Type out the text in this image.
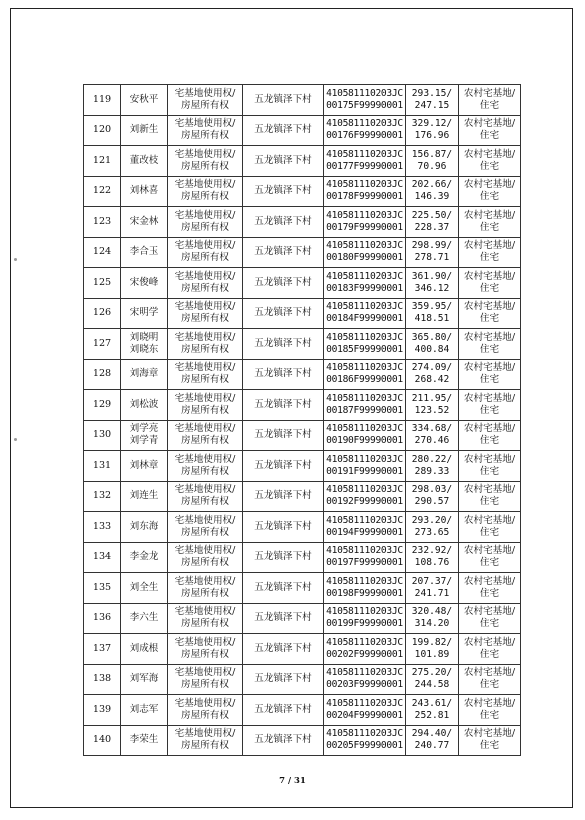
119	安秋平	宅基地使用权/
房屋所有权	五龙镇泽下村	410581110203JC
00175F99990001	293.15/
247.15	农村宅基地/
住宅

120	刘新生	宅基地使用权/
房屋所有权	五龙镇泽下村	410581110203JC
00176F99990001	329.12/
176.96	农村宅基地/
住宅

121	董改枝	宅基地使用权/
房屋所有权	五龙镇泽下村	410581110203JC
00177F99990001	156.87/
70.96	农村宅基地/
住宅

122	刘林喜	宅基地使用权/
房屋所有权	五龙镇泽下村	410581110203JC
00178F99990001	202.66/
146.39	农村宅基地/
住宅

123	宋金林	宅基地使用权/
房屋所有权	五龙镇泽下村	410581110203JC
00179F99990001	225.50/
228.37	农村宅基地/
住宅

124	李合玉	宅基地使用权/
房屋所有权	五龙镇泽下村	410581110203JC
00180F99990001	298.99/
278.71	农村宅基地/
住宅

125	宋俊峰	宅基地使用权/
房屋所有权	五龙镇泽下村	410581110203JC
00183F99990001	361.90/
346.12	农村宅基地/
住宅

126	宋明学	宅基地使用权/
房屋所有权	五龙镇泽下村	410581110203JC
00184F99990001	359.95/
418.51	农村宅基地/
住宅

127	刘晓明
刘晓东	宅基地使用权/
房屋所有权	五龙镇泽下村	410581110203JC
00185F99990001	365.80/
400.84	农村宅基地/
住宅

128	刘海章	宅基地使用权/
房屋所有权	五龙镇泽下村	410581110203JC
00186F99990001	274.09/
268.42	农村宅基地/
住宅

129	刘松波	宅基地使用权/
房屋所有权	五龙镇泽下村	410581110203JC
00187F99990001	211.95/
123.52	农村宅基地/
住宅

130	刘学亮
刘学青	宅基地使用权/
房屋所有权	五龙镇泽下村	410581110203JC
00190F99990001	334.68/
270.46	农村宅基地/
住宅

131	刘林章	宅基地使用权/
房屋所有权	五龙镇泽下村	410581110203JC
00191F99990001	280.22/
289.33	农村宅基地/
住宅

132	刘连生	宅基地使用权/
房屋所有权	五龙镇泽下村	410581110203JC
00192F99990001	298.03/
290.57	农村宅基地/
住宅

133	刘东海	宅基地使用权/
房屋所有权	五龙镇泽下村	410581110203JC
00194F99990001	293.20/
273.65	农村宅基地/
住宅

134	李金龙	宅基地使用权/
房屋所有权	五龙镇泽下村	410581110203JC
00197F99990001	232.92/
108.76	农村宅基地/
住宅

135	刘全生	宅基地使用权/
房屋所有权	五龙镇泽下村	410581110203JC
00198F99990001	207.37/
241.71	农村宅基地/
住宅

136	李六生	宅基地使用权/
房屋所有权	五龙镇泽下村	410581110203JC
00199F99990001	320.48/
314.20	农村宅基地/
住宅

137	刘成根	宅基地使用权/
房屋所有权	五龙镇泽下村	410581110203JC
00202F99990001	199.82/
101.89	农村宅基地/
住宅

138	刘军海	宅基地使用权/
房屋所有权	五龙镇泽下村	410581110203JC
00203F99990001	275.20/
244.58	农村宅基地/
住宅

139	刘志军	宅基地使用权/
房屋所有权	五龙镇泽下村	410581110203JC
00204F99990001	243.61/
252.81	农村宅基地/
住宅

140	李荣生	宅基地使用权/
房屋所有权	五龙镇泽下村	410581110203JC
00205F99990001	294.40/
240.77	农村宅基地/
住宅
7 / 31
